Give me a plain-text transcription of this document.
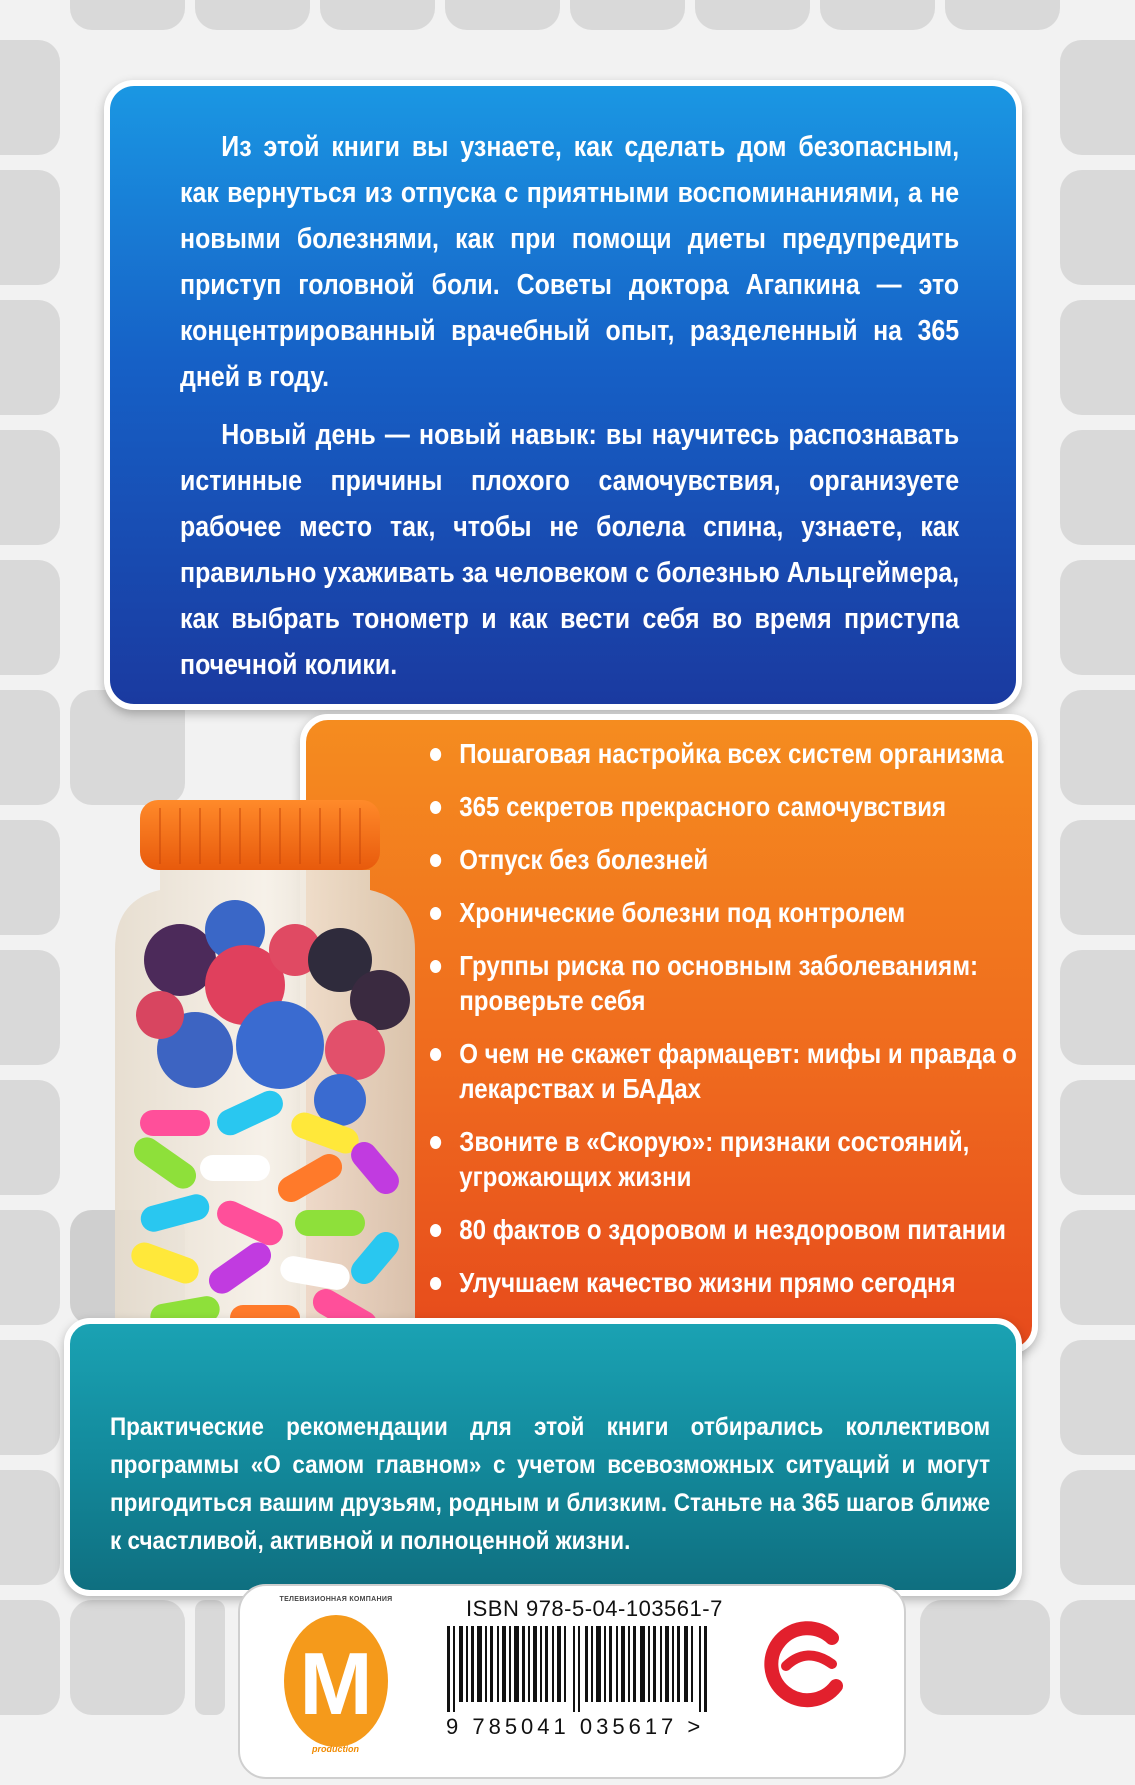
Из этой книги вы узнаете, как сделать дом безопасным, как вернуться из отпуска с приятными воспоминаниями, а не новыми болезнями, как при помощи диеты предупредить приступ головной боли. Советы доктора Агапкина — это концентрированный врачебный опыт, разделенный на 365 дней в году.

Новый день — новый навык: вы научитесь распознавать истинные причины плохого самочувствия, организуете рабочее место так, чтобы не болела спина, узнаете, как правильно ухаживать за человеком с болезнью Альцгеймера, как выбрать тонометр и как вести себя во время приступа почечной колики.

Пошаговая настройка всех систем организма
365 секретов прекрасного самочувствия
Отпуск без болезней
Хронические болезни под контролем
Группы риска по основным заболеваниям: проверьте себя
О чем не скажет фармацевт: мифы и правда о лекарствах и БАДах
Звоните в «Скорую»: признаки состояний, угрожающих жизни
80 фактов о здоровом и нездоровом питании
Улучшаем качество жизни прямо сегодня

Практические рекомендации для этой книги отбирались коллективом программы «О самом главном» с учетом всевозможных ситуаций и могут пригодиться вашим друзьям, родным и близким. Станьте на 365 шагов ближе к счастливой, активной и полноценной жизни.

ТЕЛЕВИЗИОННАЯ КОМПАНИЯ
M
production
ISBN 978-5-04-103561-7
9 785041 035617 >
